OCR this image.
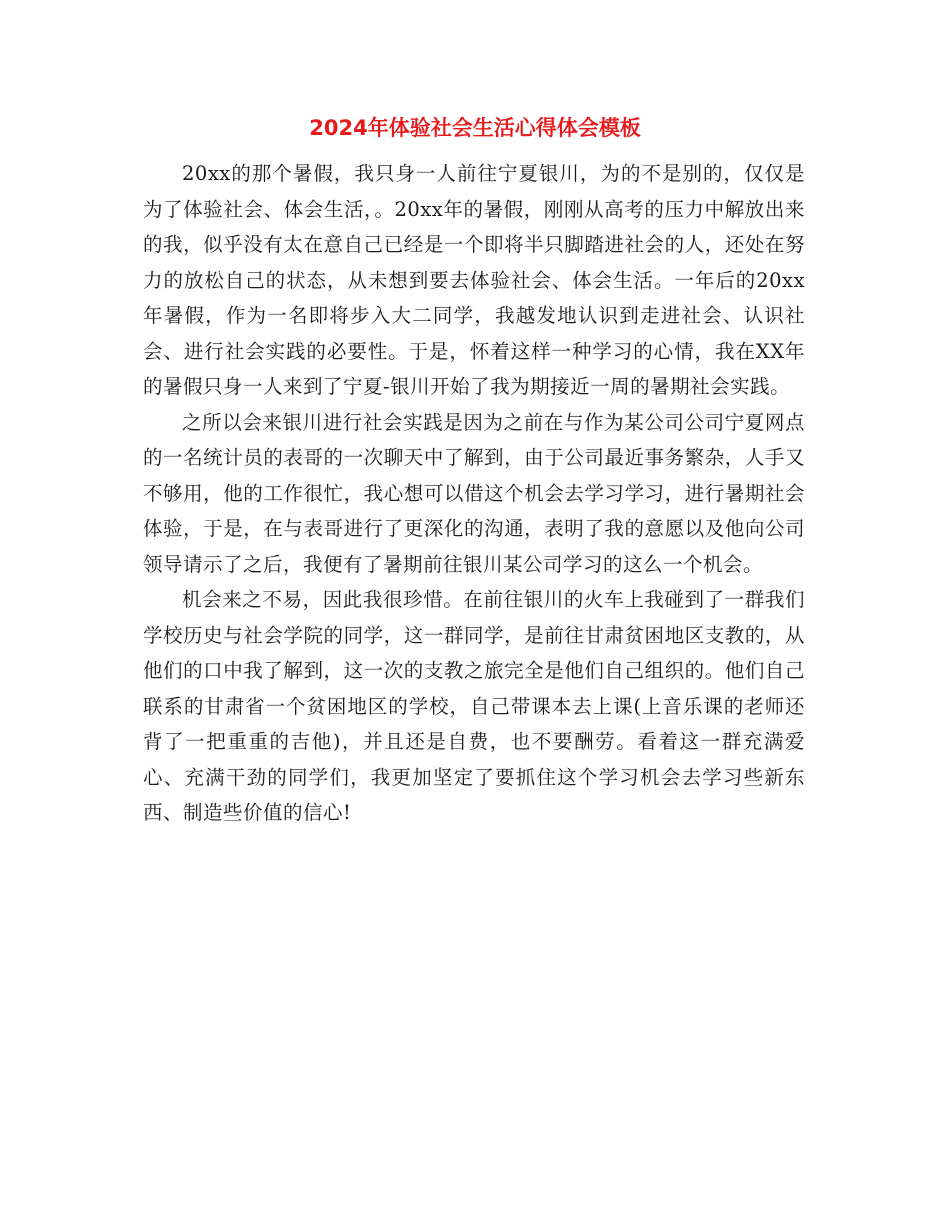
2024年体验社会生活心得体会模板

20xx的那个暑假，我只身一人前往宁夏银川，为的不是别的，仅仅是为了体验社会、体会生活，。20xx年的暑假，刚刚从高考的压力中解放出来的我，似乎没有太在意自己已经是一个即将半只脚踏进社会的人，还处在努力的放松自己的状态，从未想到要去体验社会、体会生活。一年后的20xx年暑假，作为一名即将步入大二同学，我越发地认识到走进社会、认识社会、进行社会实践的必要性。于是，怀着这样一种学习的心情，我在XX年的暑假只身一人来到了宁夏-银川开始了我为期接近一周的暑期社会实践。

之所以会来银川进行社会实践是因为之前在与作为某公司公司宁夏网点的一名统计员的表哥的一次聊天中了解到，由于公司最近事务繁杂，人手又不够用，他的工作很忙，我心想可以借这个机会去学习学习，进行暑期社会体验，于是，在与表哥进行了更深化的沟通，表明了我的意愿以及他向公司领导请示了之后，我便有了暑期前往银川某公司学习的这么一个机会。

机会来之不易，因此我很珍惜。在前往银川的火车上我碰到了一群我们学校历史与社会学院的同学，这一群同学，是前往甘肃贫困地区支教的，从他们的口中我了解到，这一次的支教之旅完全是他们自己组织的。他们自己联系的甘肃省一个贫困地区的学校，自己带课本去上课(上音乐课的老师还背了一把重重的吉他)，并且还是自费，也不要酬劳。看着这一群充满爱心、充满干劲的同学们，我更加坚定了要抓住这个学习机会去学习些新东西、制造些价值的信心!
